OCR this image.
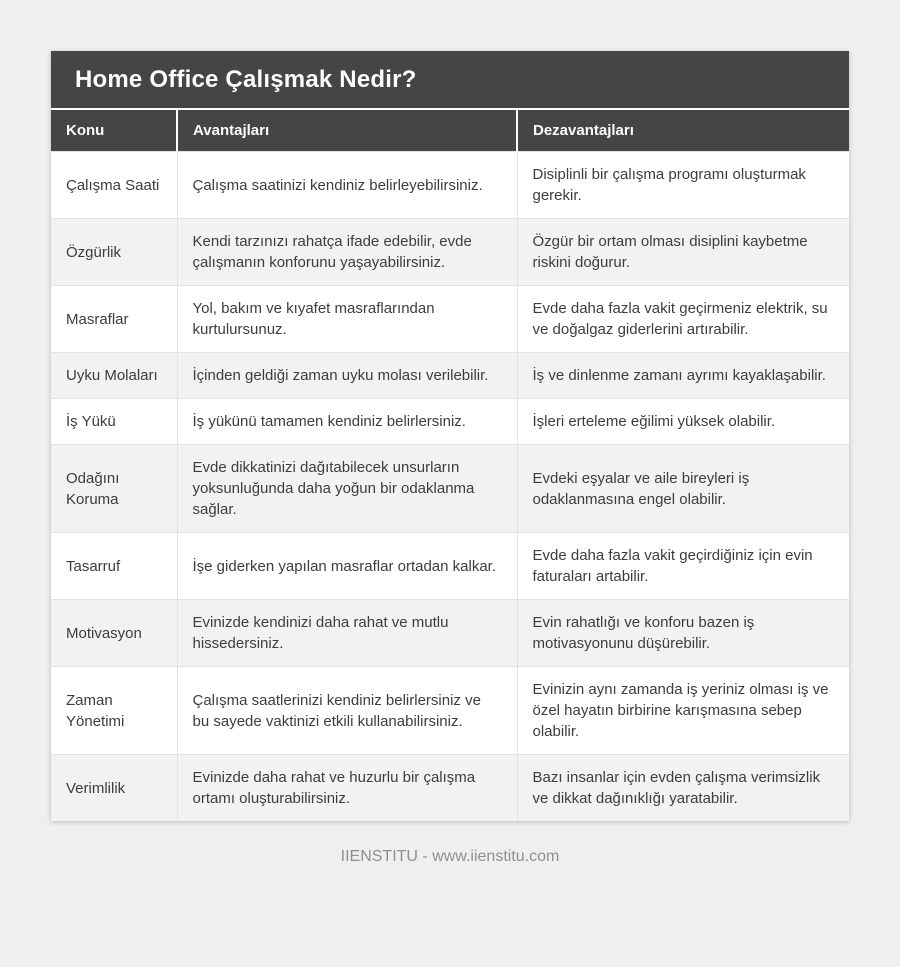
Home Office Çalışmak Nedir?
Konu	Avantajları	Dezavantajları
Çalışma Saati	Çalışma saatinizi kendiniz belirleyebilirsiniz.	Disiplinli bir çalışma programı oluşturmak gerekir.
Özgürlik	Kendi tarzınızı rahatça ifade edebilir, evde çalışmanın konforunu yaşayabilirsiniz.	Özgür bir ortam olması disiplini kaybetme riskini doğurur.
Masraflar	Yol, bakım ve kıyafet masraflarından kurtulursunuz.	Evde daha fazla vakit geçirmeniz elektrik, su ve doğalgaz giderlerini artırabilir.
Uyku Molaları	İçinden geldiği zaman uyku molası verilebilir.	İş ve dinlenme zamanı ayrımı kayaklaşabilir.
İş Yükü	İş yükünü tamamen kendiniz belirlersiniz.	İşleri erteleme eğilimi yüksek olabilir.
Odağını Koruma	Evde dikkatinizi dağıtabilecek unsurların yoksunluğunda daha yoğun bir odaklanma sağlar.	Evdeki eşyalar ve aile bireyleri iş odaklanmasına engel olabilir.
Tasarruf	İşe giderken yapılan masraflar ortadan kalkar.	Evde daha fazla vakit geçirdiğiniz için evin faturaları artabilir.
Motivasyon	Evinizde kendinizi daha rahat ve mutlu hissedersiniz.	Evin rahatlığı ve konforu bazen iş motivasyonunu düşürebilir.
Zaman Yönetimi	Çalışma saatlerinizi kendiniz belirlersiniz ve bu sayede vaktinizi etkili kullanabilirsiniz.	Evinizin aynı zamanda iş yeriniz olması iş ve özel hayatın birbirine karışmasına sebep olabilir.
Verimlilik	Evinizde daha rahat ve huzurlu bir çalışma ortamı oluşturabilirsiniz.	Bazı insanlar için evden çalışma verimsizlik ve dikkat dağınıklığı yaratabilir.
IIENSTITU - www.iienstitu.com
